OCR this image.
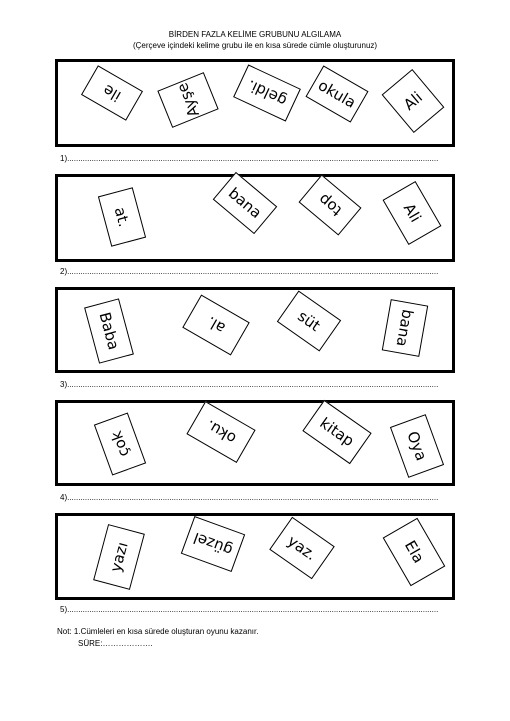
BİRDEN FAZLA KELİME GRUBUNU ALGILAMA
(Çerçeve içindeki kelime grubu ile en kısa sürede cümle oluşturunuz)
ile	Ayşe	geldi. okula	Ali
1).......................................................................................................................................................................
at.	bana	top	Ali
2).......................................................................................................................................................................
Baba	al.	süt	bana
3).......................................................................................................................................................................
çok	oku.	kitap	Oya
4).......................................................................................................................................................................
yazı	güzel	yaz.	Ela
5).......................................................................................................................................................................
Not: 1.Cümleleri en kısa sürede oluşturan oyunu kazanır.
SÜRE:……………….
